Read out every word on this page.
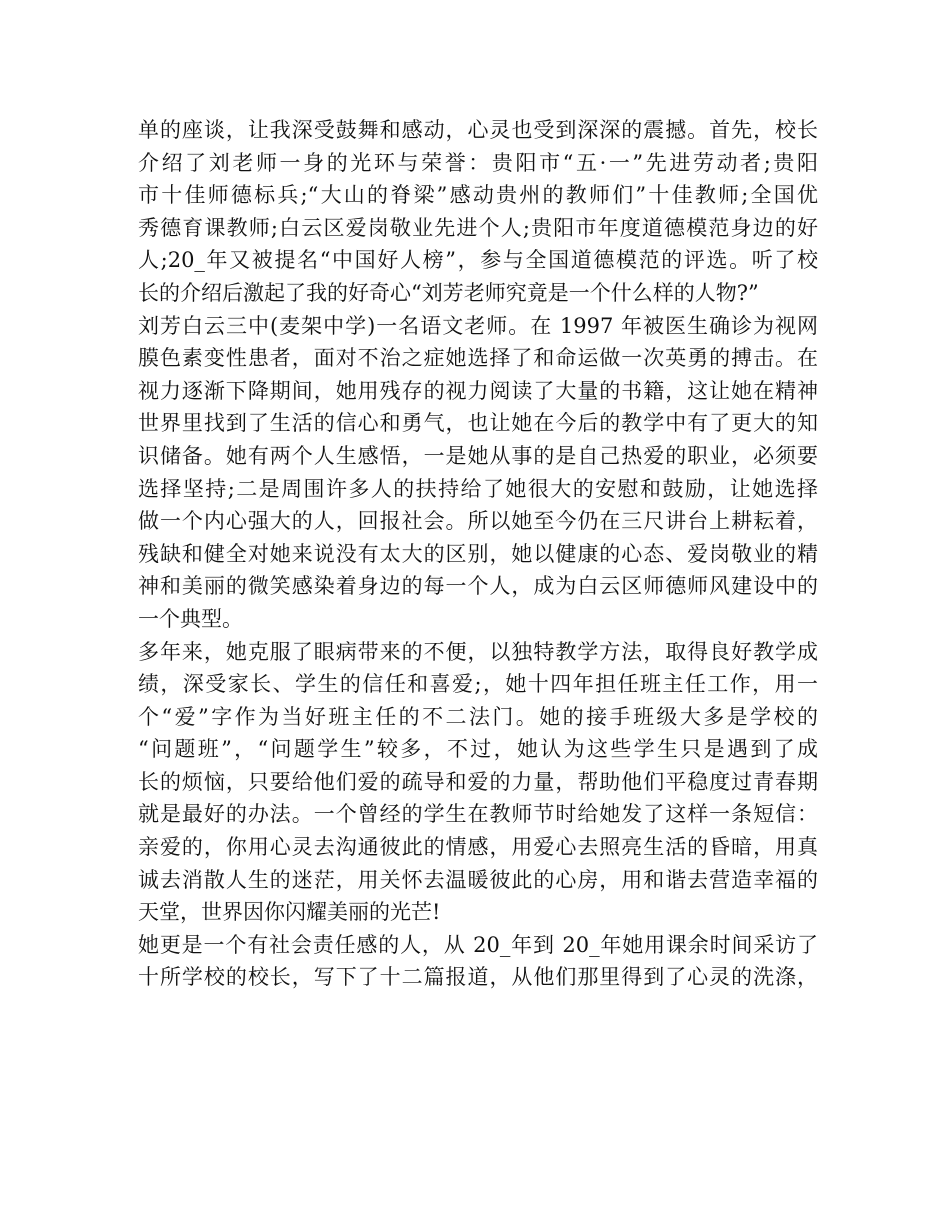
单的座谈，让我深受鼓舞和感动，心灵也受到深深的震撼。首先，校长
介绍了刘老师一身的光环与荣誉：贵阳市“五·一”先进劳动者;贵阳
市十佳师德标兵;“大山的脊梁”感动贵州的教师们”十佳教师;全国优
秀德育课教师;白云区爱岗敬业先进个人;贵阳市年度道德模范身边的好
人;20_年又被提名“中国好人榜”，参与全国道德模范的评选。听了校
长的介绍后激起了我的好奇心“刘芳老师究竟是一个什么样的人物?”
刘芳白云三中(麦架中学)一名语文老师。在 1997 年被医生确诊为视网
膜色素变性患者，面对不治之症她选择了和命运做一次英勇的搏击。在
视力逐渐下降期间，她用残存的视力阅读了大量的书籍，这让她在精神
世界里找到了生活的信心和勇气，也让她在今后的教学中有了更大的知
识储备。她有两个人生感悟，一是她从事的是自己热爱的职业，必须要
选择坚持;二是周围许多人的扶持给了她很大的安慰和鼓励，让她选择
做一个内心强大的人，回报社会。所以她至今仍在三尺讲台上耕耘着，
残缺和健全对她来说没有太大的区别，她以健康的心态、爱岗敬业的精
神和美丽的微笑感染着身边的每一个人，成为白云区师德师风建设中的
一个典型。
多年来，她克服了眼病带来的不便，以独特教学方法，取得良好教学成
绩，深受家长、学生的信任和喜爱;，她十四年担任班主任工作，用一
个“爱”字作为当好班主任的不二法门。她的接手班级大多是学校的
“问题班”，“问题学生”较多，不过，她认为这些学生只是遇到了成
长的烦恼，只要给他们爱的疏导和爱的力量，帮助他们平稳度过青春期
就是最好的办法。一个曾经的学生在教师节时给她发了这样一条短信：
亲爱的，你用心灵去沟通彼此的情感，用爱心去照亮生活的昏暗，用真
诚去消散人生的迷茫，用关怀去温暖彼此的心房，用和谐去营造幸福的
天堂，世界因你闪耀美丽的光芒!
她更是一个有社会责任感的人，从 20_年到 20_年她用课余时间采访了
十所学校的校长，写下了十二篇报道，从他们那里得到了心灵的洗涤，
